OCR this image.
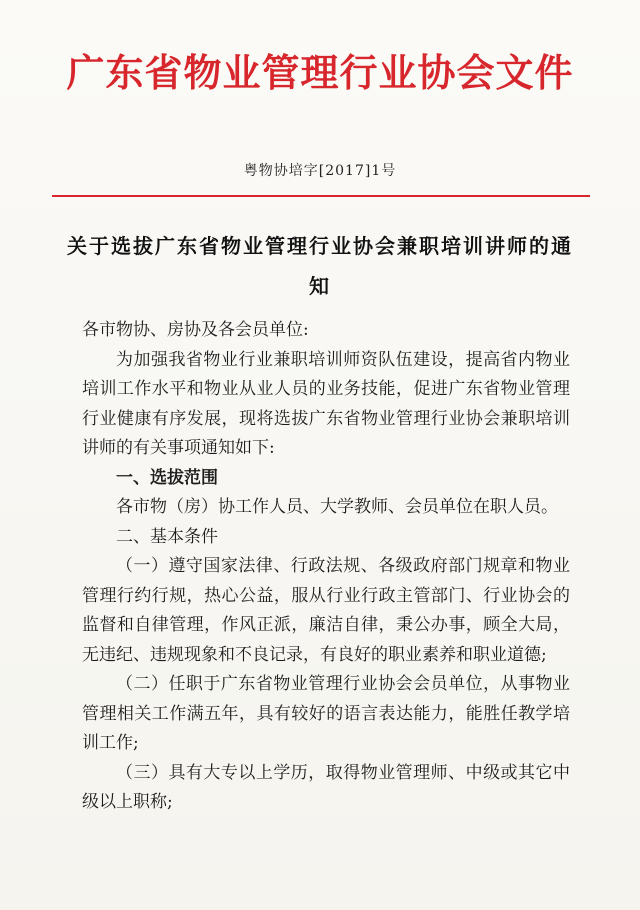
广东省物业管理行业协会文件
粤物协培字[2017]1号
关于选拔广东省物业管理行业协会兼职培训讲师的通知

各市物协、房协及各会员单位:

为加强我省物业行业兼职培训师资队伍建设，提高省内物业培训工作水平和物业从业人员的业务技能，促进广东省物业管理行业健康有序发展，现将选拔广东省物业管理行业协会兼职培训讲师的有关事项通知如下:

一、选拔范围

各市物（房）协工作人员、大学教师、会员单位在职人员。

二、基本条件

（一）遵守国家法律、行政法规、各级政府部门规章和物业管理行约行规，热心公益，服从行业行政主管部门、行业协会的监督和自律管理，作风正派，廉洁自律，秉公办事，顾全大局，无违纪、违规现象和不良记录，有良好的职业素养和职业道德;

（二）任职于广东省物业管理行业协会会员单位，从事物业管理相关工作满五年，具有较好的语言表达能力，能胜任教学培训工作;

（三）具有大专以上学历，取得物业管理师、中级或其它中级以上职称;
